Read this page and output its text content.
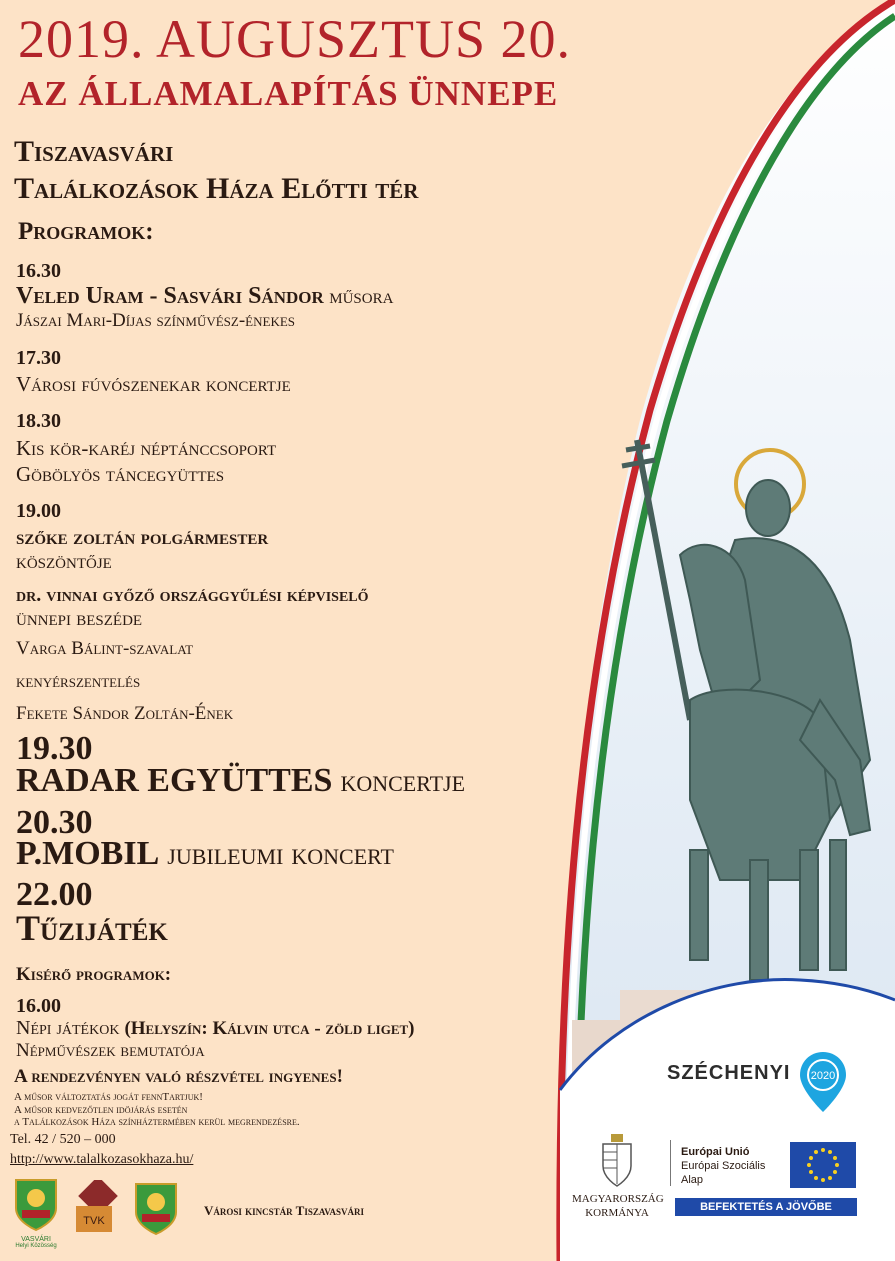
2019. AUGUSZTUS 20.
AZ ÁLLAMALAPÍTÁS ÜNNEPE
Tiszavasvári
Találkozások Háza Előtti tér
Programok:
16.30
Veled Uram - Sasvári Sándor műsora
Jászai Mari-Díjas színművész-énekes
17.30
Városi fúvószenekar koncertje
18.30
Kis kör-karéj néptánccsoport
Göbölyös táncegyüttes
19.00
szőke zoltán polgármester
köszöntője
dr. vinnai győző országgyűlési képviselő
ünnepi beszéde
Varga Bálint-szavalat
kenyérszentelés
Fekete Sándor Zoltán-Ének
19.30
RADAR EGYÜTTES koncertje
20.30
P.MOBIL jubileumi koncert
22.00
Tűzijáték
Kisérő programok:
16.00
Népi játékok (Helyszín: Kálvin utca - zöld liget)
Népművészek bemutatója
A rendezvényen való részvétel ingyenes!
A műsor változtatás jogát fennTartjuk!
A műsor kedvezőtlen idöjárás esetén
a Találkozások Háza színháztermében kerül megrendezésre.
Tel. 42 / 520 – 000
http://www.talalkozasokhaza.hu/
VASVÁRI
Helyi Közösség
TVK
Városi kincstár Tiszavasvári
SZÉCHENYI 2020
MAGYARORSZÁG
KORMÁNYA
Európai Unió
Európai Szociális
Alap
BEFEKTETÉS A JÖVŐBE
